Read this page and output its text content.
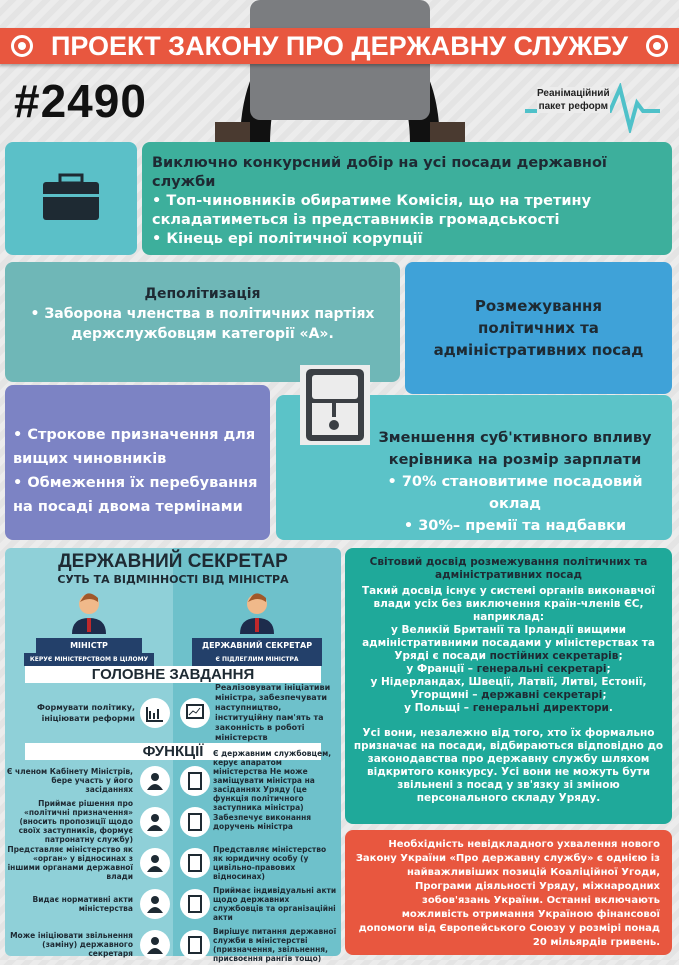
ПРОЕКТ ЗАКОНУ ПРО ДЕРЖАВНУ СЛУЖБУ
#2490	Реанімаційний
пакет реформ
Виключно конкурсний добір на усі посади державної служби
• Топ-чиновників обиратиме Комісія, що на третину складатиметься із представників громадськості
• Кінець ері політичної корупції
Деполітизація
• Заборона членства в політичних партіях держслужбовцям категорії «А».
Розмежування політичних та адміністративних посад
• Строкове призначення для вищих чиновників
• Обмеження їх перебування на посаді двома термінами
Зменшення суб'ктивного впливу керівника на розмір зарплати
• 70% становитиме посадовий оклад
• 30%– премії та надбавки
ДЕРЖАВНИЙ СЕКРЕТАР
СУТЬ ТА ВІДМІННОСТІ ВІД МІНІСТРА
МІНІСТР
КЕРУЄ МІНІСТЕРСТВОМ В ЦІЛОМУ
ДЕРЖАВНИЙ СЕКРЕТАР
Є ПІДЛЕГЛИМ МІНІСТРА
ГОЛОВНЕ ЗАВДАННЯ
Формувати політику, ініціювати реформи
Реалізовувати ініціативи міністра, забезпечувати наступництво, інституційну пам'ять та законність в роботі міністерств
ФУНКЦІЇ
Є членом Кабінету Міністрів, бере участь у його засіданнях
Є державним службовцем, керує апаратом міністерства Не може заміщувати міністра на засіданнях Уряду (це функція політичного заступника міністра)
Приймає рішення про «політичні призначення» (вносить пропозиції щодо своїх заступників, формує патронатну службу)
Забезпечує виконання доручень міністра
Представляє міністерство як «орган» у відносинах з іншими органами державної влади
Представляє міністерство як юридичну особу (у цивільно-правових відносинах)
Видає нормативні акти міністерства
Приймає індивідуальні акти щодо державних службовців та організаційні акти
Може ініціювати звільнення (заміну) державного секретаря
Вирішує питання державної служби в міністерстві (призначення, звільнення, присвоєння рангів тощо)
Світовий досвід розмежування політичних та адміністративних посад
Такий досвід існує у системі органів виконавчої влади усіх без виключення країн-членів ЄС, наприклад:
у Великій Британії та Ірландії вищими адміністративними посадами у міністерствах та Уряді є посади постійних секретарів;
у Франції – генеральні секретарі;
у Нідерландах, Швеції, Латвії, Литві, Естонії, Угорщині – державні секретарі;
у Польщі – генеральні директори.
Усі вони, незалежно від того, хто їх формально призначає на посади, відбираються відповідно до законодавства про державну службу шляхом відкритого конкурсу. Усі вони не можуть бути звільнені з посад у зв'язку зі зміною персонального складу Уряду.
Необхідність невідкладного ухвалення нового Закону України «Про державну службу» є однією із найважливіших позицій Коаліційної Угоди, Програми діяльності Уряду, міжнародних зобов'язань України. Останні включають можливість отримання Україною фінансової допомоги від Європейського Союзу у розмірі понад 20 мільярдів гривень.
